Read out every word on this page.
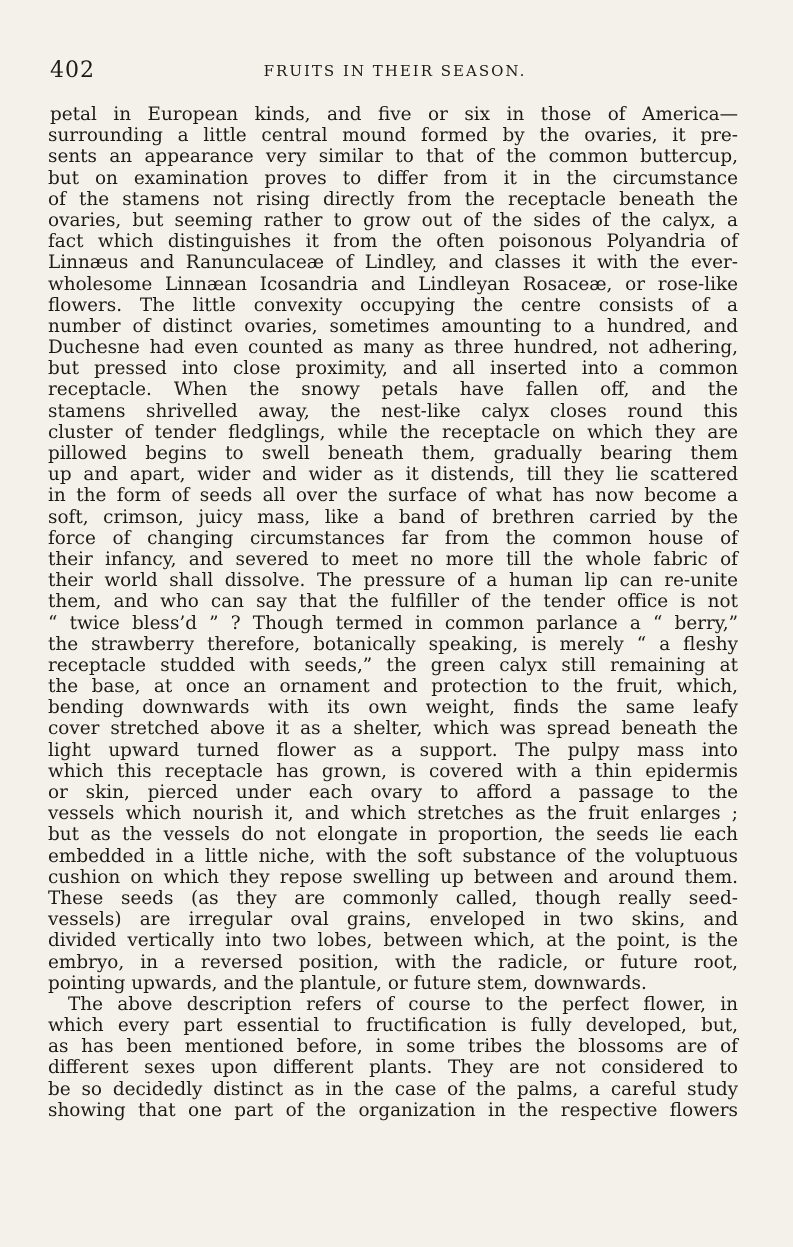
402	FRUITS IN THEIR SEASON.
petal in European kinds, and five or six in those of America—
surrounding a little central mound formed by the ovaries, it pre-
sents an appearance very similar to that of the common buttercup,
but on examination proves to differ from it in the circumstance
of the stamens not rising directly from the receptacle beneath the
ovaries, but seeming rather to grow out of the sides of the calyx, a
fact which distinguishes it from the often poisonous Polyandria of
Linnæus and Ranunculaceæ of Lindley, and classes it with the ever-
wholesome Linnæan Icosandria and Lindleyan Rosaceæ, or rose-like
flowers. The little convexity occupying the centre consists of a
number of distinct ovaries, sometimes amounting to a hundred, and
Duchesne had even counted as many as three hundred, not adhering,
but pressed into close proximity, and all inserted into a common
receptacle. When the snowy petals have fallen off, and the
stamens shrivelled away, the nest-like calyx closes round this
cluster of tender fledglings, while the receptacle on which they are
pillowed begins to swell beneath them, gradually bearing them
up and apart, wider and wider as it distends, till they lie scattered
in the form of seeds all over the surface of what has now become a
soft, crimson, juicy mass, like a band of brethren carried by the
force of changing circumstances far from the common house of
their infancy, and severed to meet no more till the whole fabric of
their world shall dissolve. The pressure of a human lip can re-unite
them, and who can say that the fulfiller of the tender office is not
“ twice bless’d ” ? Though termed in common parlance a “ berry,”
the strawberry therefore, botanically speaking, is merely “ a fleshy
receptacle studded with seeds,” the green calyx still remaining at
the base, at once an ornament and protection to the fruit, which,
bending downwards with its own weight, finds the same leafy
cover stretched above it as a shelter, which was spread beneath the
light upward turned flower as a support. The pulpy mass into
which this receptacle has grown, is covered with a thin epidermis
or skin, pierced under each ovary to afford a passage to the
vessels which nourish it, and which stretches as the fruit enlarges ;
but as the vessels do not elongate in proportion, the seeds lie each
embedded in a little niche, with the soft substance of the voluptuous
cushion on which they repose swelling up between and around them.
These seeds (as they are commonly called, though really seed-
vessels) are irregular oval grains, enveloped in two skins, and
divided vertically into two lobes, between which, at the point, is the
embryo, in a reversed position, with the radicle, or future root,
pointing upwards, and the plantule, or future stem, downwards.
The above description refers of course to the perfect flower, in
which every part essential to fructification is fully developed, but,
as has been mentioned before, in some tribes the blossoms are of
different sexes upon different plants. They are not considered to
be so decidedly distinct as in the case of the palms, a careful study
showing that one part of the organization in the respective flowers
